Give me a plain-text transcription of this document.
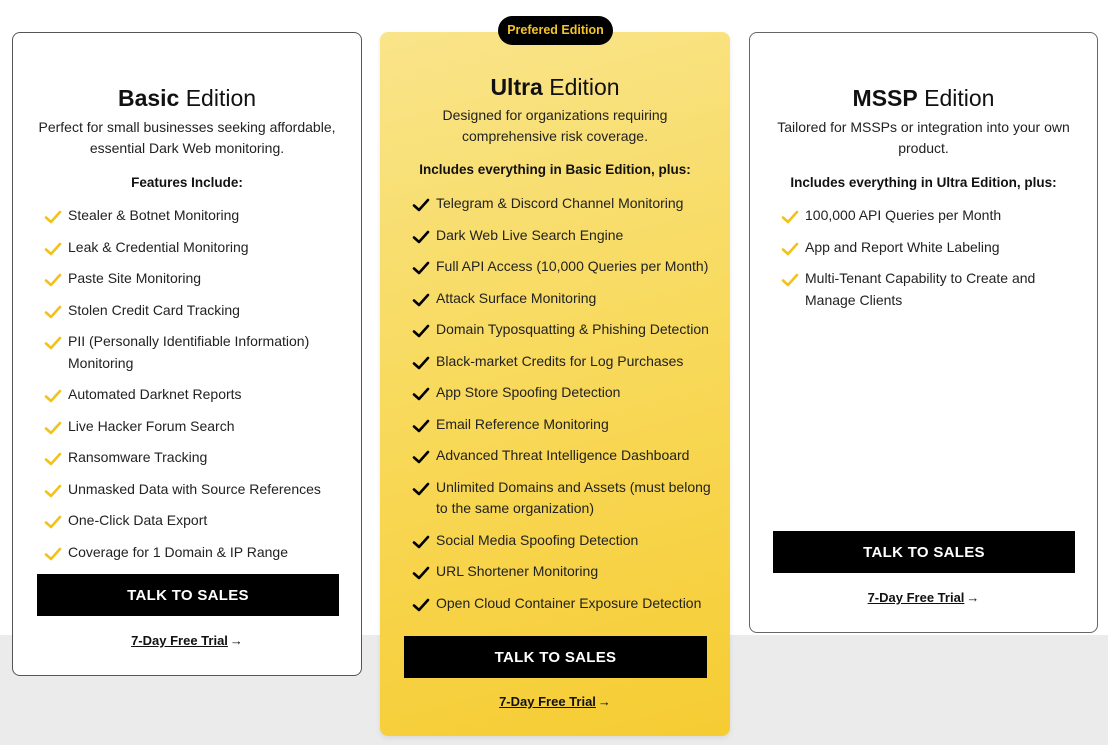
Basic Edition
Perfect for small businesses seeking affordable, essential Dark Web monitoring.
Features Include:
Stealer & Botnet Monitoring
Leak & Credential Monitoring
Paste Site Monitoring
Stolen Credit Card Tracking
PII (Personally Identifiable Information) Monitoring
Automated Darknet Reports
Live Hacker Forum Search
Ransomware Tracking
Unmasked Data with Source References
One-Click Data Export
Coverage for 1 Domain & IP Range
TALK TO SALES
7-Day Free Trial →
Prefered Edition
Ultra Edition
Designed for organizations requiring comprehensive risk coverage.
Includes everything in Basic Edition, plus:
Telegram & Discord Channel Monitoring
Dark Web Live Search Engine
Full API Access (10,000 Queries per Month)
Attack Surface Monitoring
Domain Typosquatting & Phishing Detection
Black-market Credits for Log Purchases
App Store Spoofing Detection
Email Reference Monitoring
Advanced Threat Intelligence Dashboard
Unlimited Domains and Assets (must belong to the same organization)
Social Media Spoofing Detection
URL Shortener Monitoring
Open Cloud Container Exposure Detection
TALK TO SALES
7-Day Free Trial →
MSSP Edition
Tailored for MSSPs or integration into your own product.
Includes everything in Ultra Edition, plus:
100,000 API Queries per Month
App and Report White Labeling
Multi-Tenant Capability to Create and Manage Clients
TALK TO SALES
7-Day Free Trial →
